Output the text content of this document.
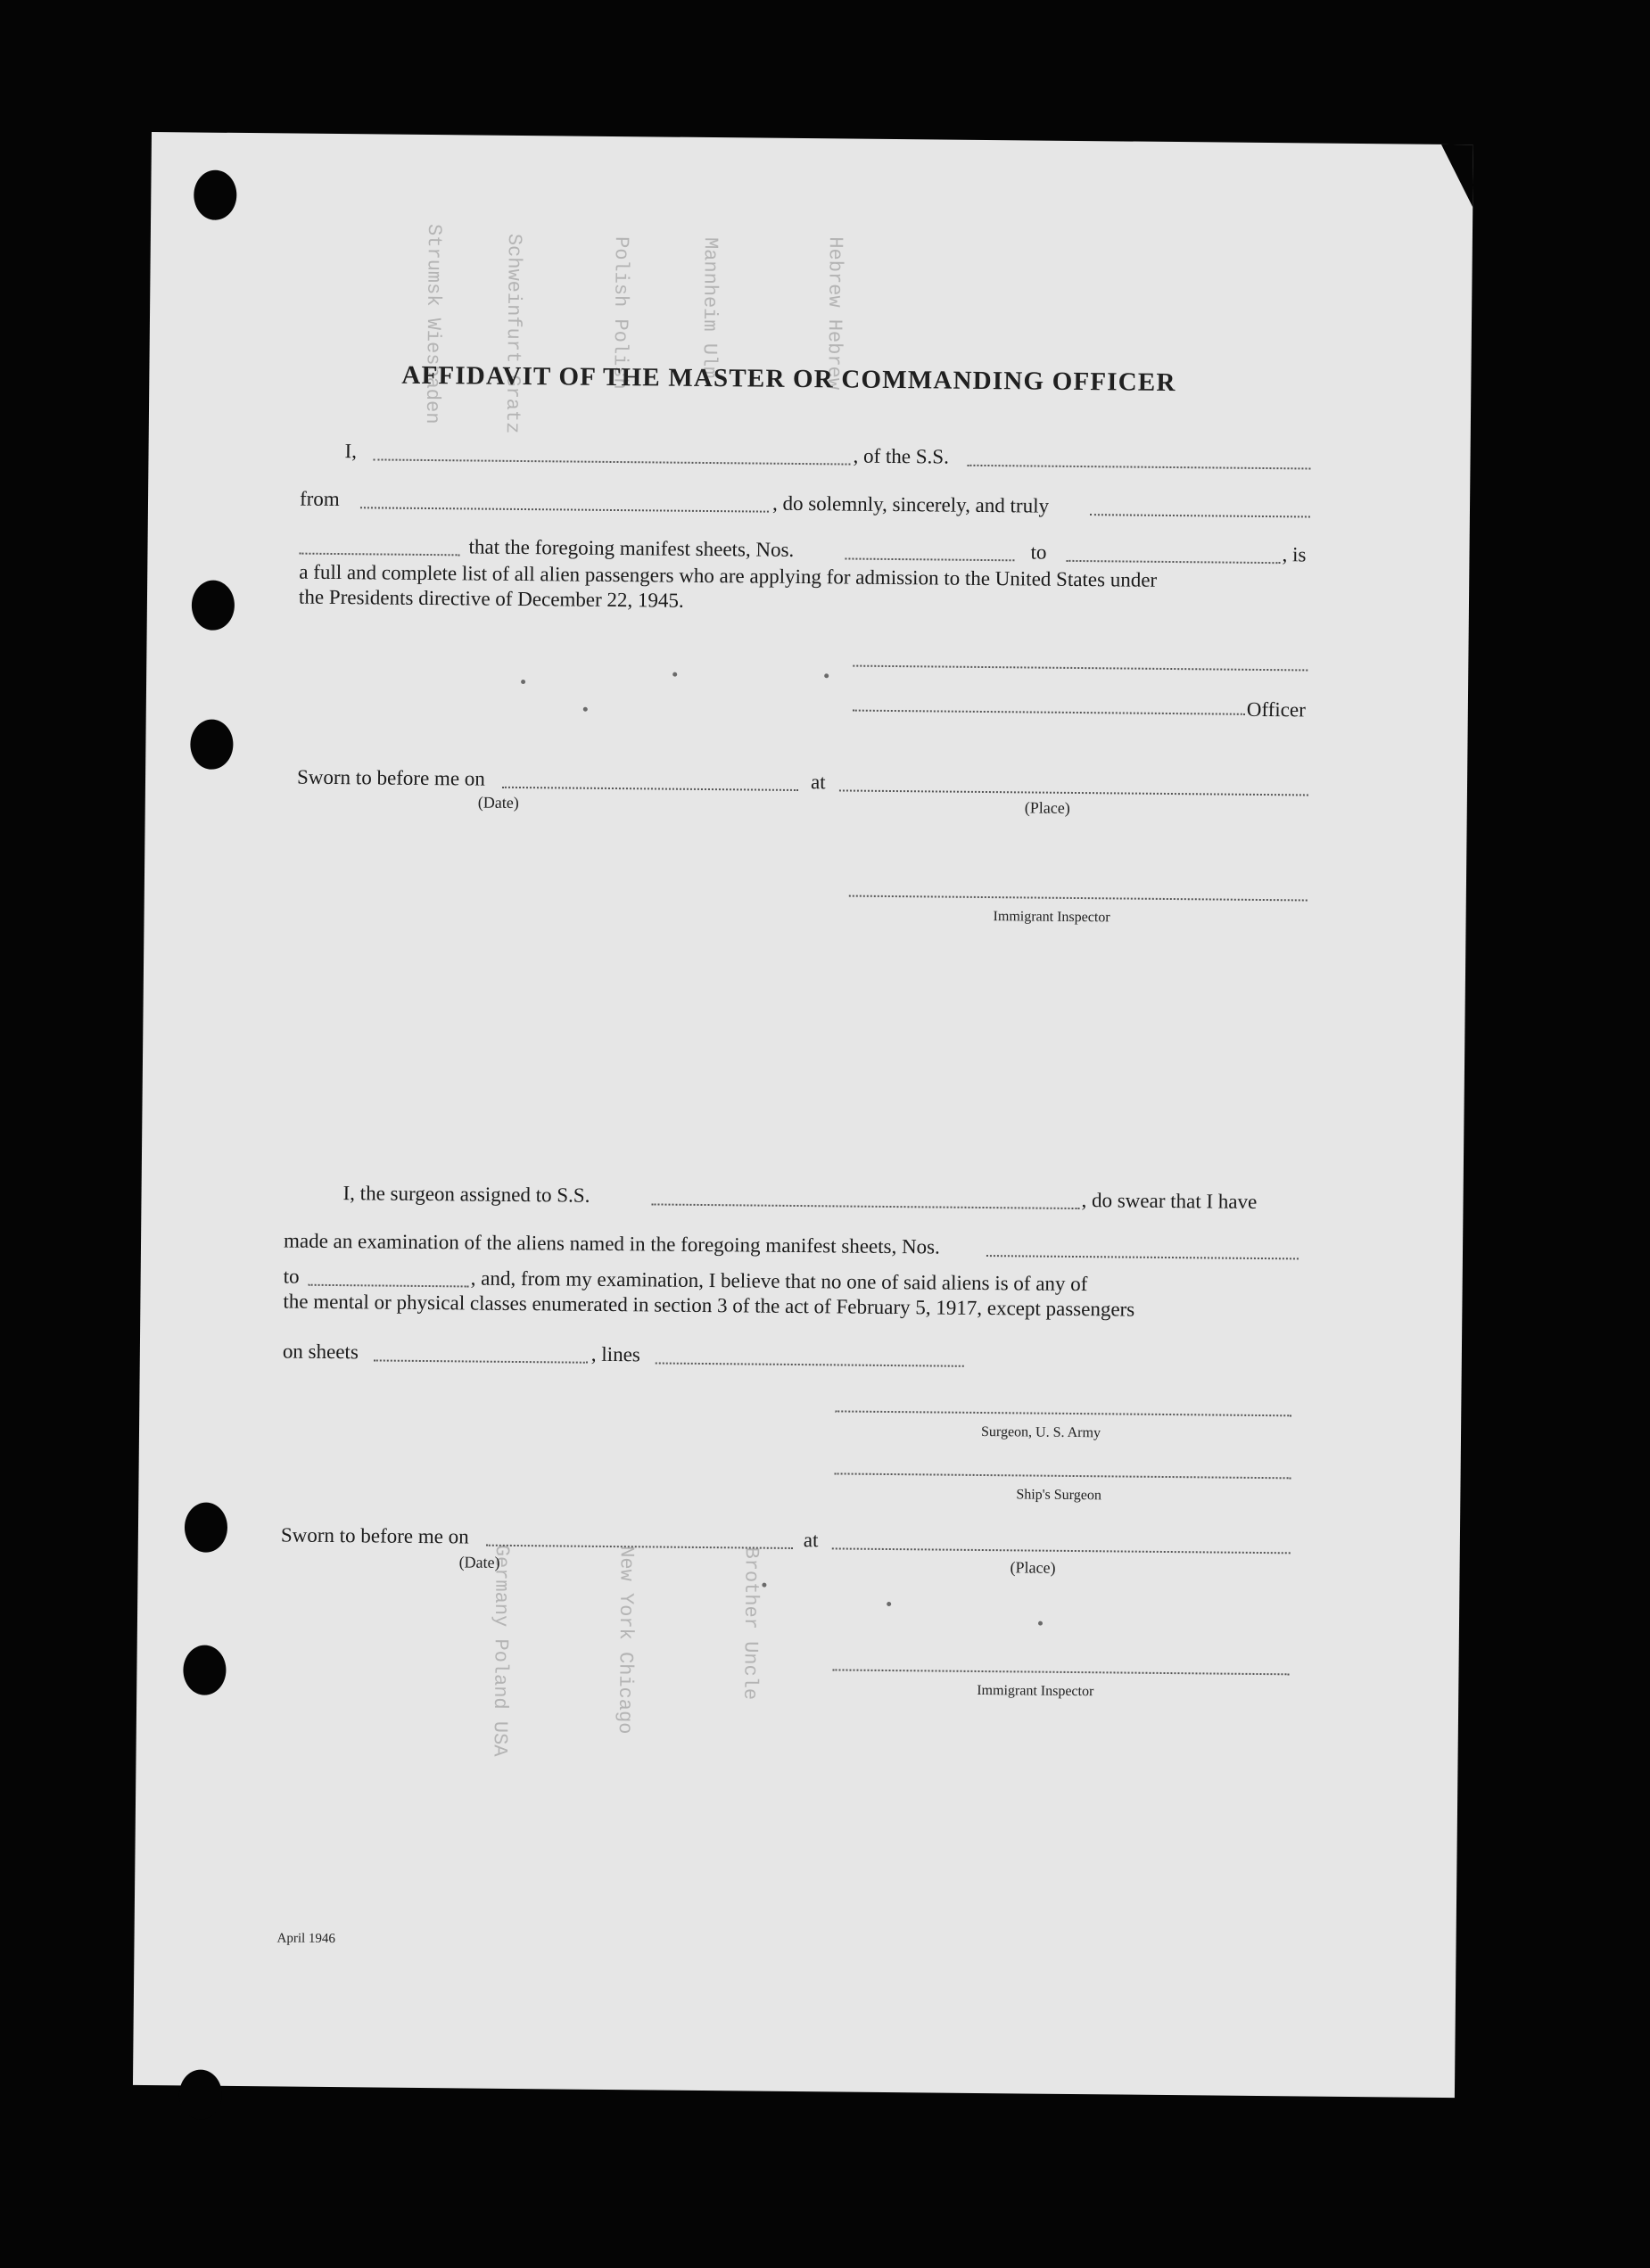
Strumsk Wiesbaden	Schweinfurt Gratz	Polish Polish	Mannheim Ulm	Hebrew Hebrew
Germany Poland USA	New York Chicago	Brother Uncle
AFFIDAVIT OF THE MASTER OR COMMANDING OFFICER
I,	, of the S.S.
from	, do solemnly, sincerely, and truly
that the foregoing manifest sheets, Nos.	to	, is
a full and complete list of all alien passengers who are applying for admission to the United States under
the Presidents directive of December 22, 1945.
Officer
Sworn to before me on	at
(Date)	(Place)
Immigrant Inspector
I, the surgeon assigned to S.S.	, do swear that I have
made an examination of the aliens named in the foregoing manifest sheets, Nos.
to	, and, from my examination, I believe that no one of said aliens is of any of
the mental or physical classes enumerated in section 3 of the act of February 5, 1917, except passengers
on sheets	, lines
Surgeon, U. S. Army
Ship's Surgeon
Sworn to before me on	at
(Date)	(Place)
Immigrant Inspector
April 1946
